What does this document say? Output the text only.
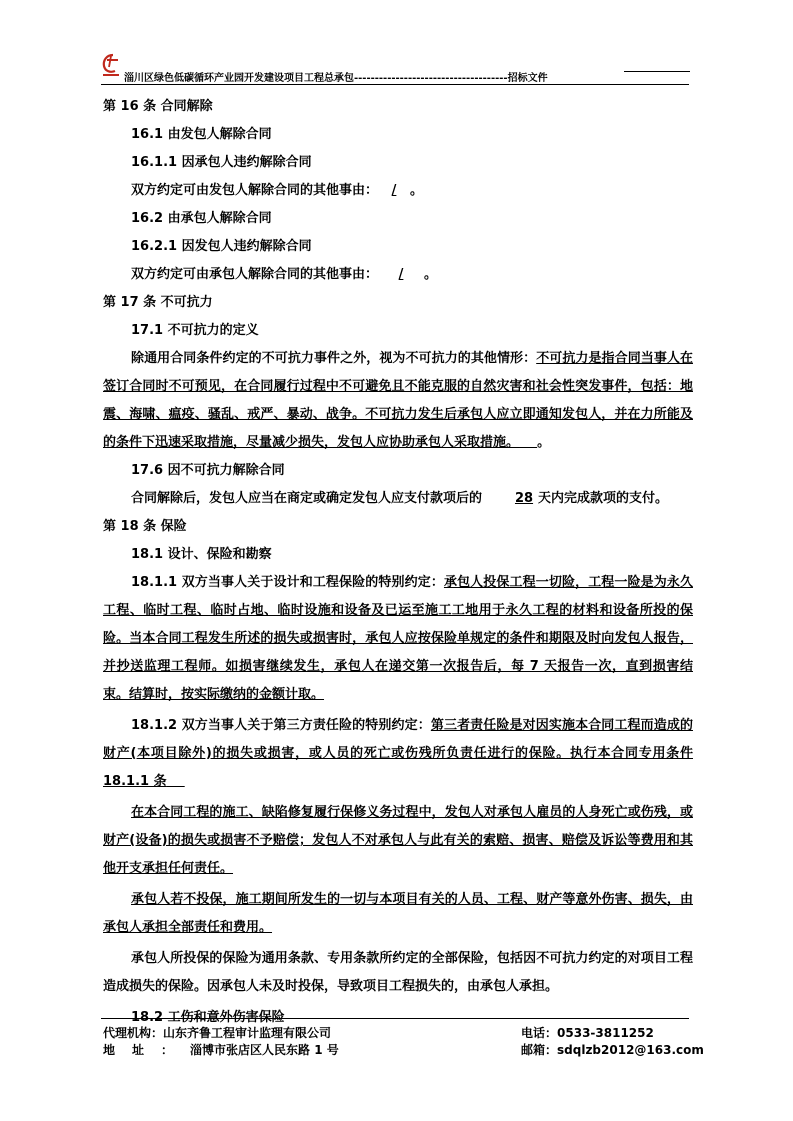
淄川区绿色低碳循环产业园开发建设项目工程总承包-------------------------------------招标文件

第 16 条 合同解除

16.1 由发包人解除合同

16.1.1 因承包人违约解除合同

双方约定可由发包人解除合同的其他事由： / 。

16.2 由承包人解除合同

16.2.1 因发包人违约解除合同

双方约定可由承包人解除合同的其他事由： / 。

第 17 条 不可抗力

17.1 不可抗力的定义

除通用合同条件约定的不可抗力事件之外，视为不可抗力的其他情形：不可抗力是指合同当事人在签订合同时不可预见，在合同履行过程中不可避免且不能克服的自然灾害和社会性突发事件，包括：地震、海啸、瘟疫、骚乱、戒严、暴动、战争。不可抗力发生后承包人应立即通知发包人，并在力所能及的条件下迅速采取措施，尽量减少损失，发包人应协助承包人采取措施。 。

17.6 因不可抗力解除合同

合同解除后，发包人应当在商定或确定发包人应支付款项后的	28 天内完成款项的支付。

第 18 条 保险

18.1 设计、保险和勘察

18.1.1 双方当事人关于设计和工程保险的特别约定：承包人投保工程一切险，工程一险是为永久工程、临时工程、临时占地、临时设施和设备及已运至施工工地用于永久工程的材料和设备所投的保险。当本合同工程发生所述的损失或损害时，承包人应按保险单规定的条件和期限及时向发包人报告，并抄送监理工程师。如损害继续发生，承包人在递交第一次报告后，每 7 天报告一次，直到损害结束。结算时，按实际缴纳的金额计取。

18.1.2 双方当事人关于第三方责任险的特别约定：第三者责任险是对因实施本合同工程而造成的财产(本项目除外)的损失或损害，或人员的死亡或伤残所负责任进行的保险。执行本合同专用条件 18.1.1 条

在本合同工程的施工、缺陷修复履行保修义务过程中，发包人对承包人雇员的人身死亡或伤残，或财产(设备)的损失或损害不予赔偿；发包人不对承包人与此有关的索赔、损害、赔偿及诉讼等费用和其他开支承担任何责任。

承包人若不投保，施工期间所发生的一切与本项目有关的人员、工程、财产等意外伤害、损失，由承包人承担全部责任和费用。

承包人所投保的保险为通用条款、专用条款所约定的全部保险，包括因不可抗力约定的对项目工程造成损失的保险。因承包人未及时投保，导致项目工程损失的，由承包人承担。

18.2 工伤和意外伤害保险

代理机构：山东齐鲁工程审计监理有限公司
地址：淄博市张店区人民东路 1 号
电话：0533-3811252
邮箱：sdqlzb2012@163.com
